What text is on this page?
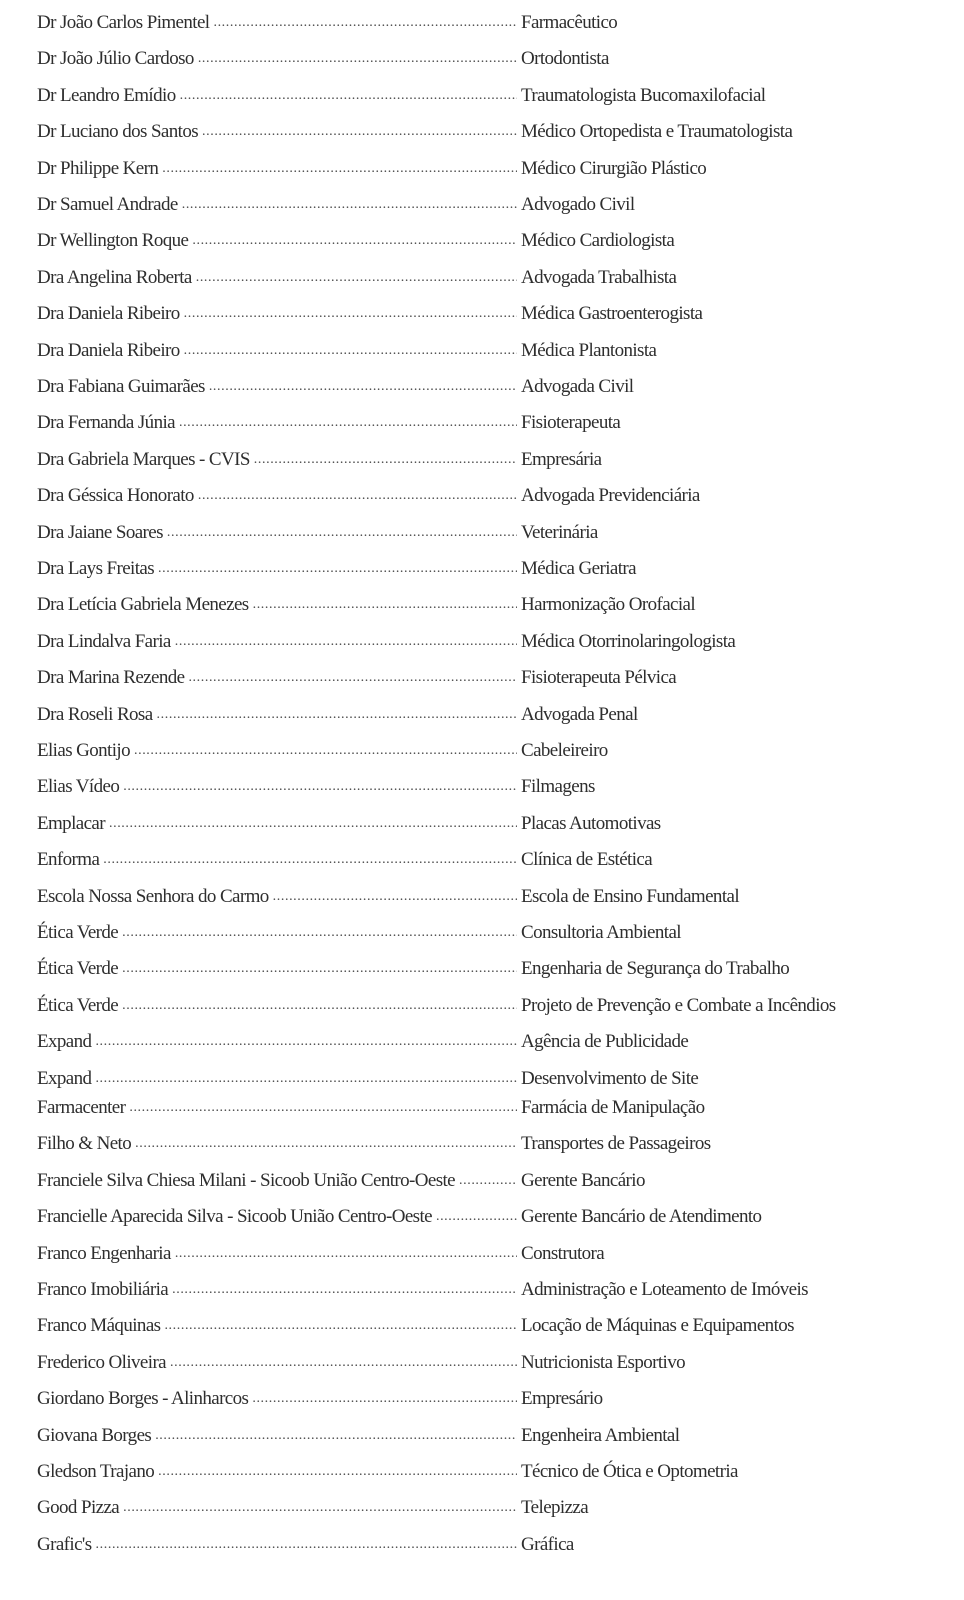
Dr João Carlos Pimentel .....	Farmacêutico
Dr João Júlio Cardoso .....	Ortodontista
Dr Leandro Emídio .....	Traumatologista Bucomaxilofacial
Dr Luciano dos Santos .....	Médico Ortopedista e Traumatologista
Dr Philippe Kern .....	Médico Cirurgião Plástico
Dr Samuel Andrade .....	Advogado Civil
Dr Wellington Roque .....	Médico Cardiologista
Dra Angelina Roberta .....	Advogada Trabalhista
Dra Daniela Ribeiro .....	Médica Gastroenterogista
Dra Daniela Ribeiro .....	Médica Plantonista
Dra Fabiana Guimarães .....	Advogada Civil
Dra Fernanda Júnia .....	Fisioterapeuta
Dra Gabriela Marques - CVIS .....	Empresária
Dra Géssica Honorato .....	Advogada Previdenciária
Dra Jaiane Soares .....	Veterinária
Dra Lays Freitas .....	Médica Geriatra
Dra Letícia Gabriela Menezes .....	Harmonização Orofacial
Dra Lindalva Faria .....	Médica Otorrinolaringologista
Dra Marina Rezende .....	Fisioterapeuta Pélvica
Dra Roseli Rosa .....	Advogada Penal
Elias Gontijo .....	Cabeleireiro
Elias Vídeo .....	Filmagens
Emplacar .....	Placas Automotivas
Enforma .....	Clínica de Estética
Escola Nossa Senhora do Carmo .....	Escola de Ensino Fundamental
Ética Verde .....	Consultoria Ambiental
Ética Verde .....	Engenharia de Segurança do Trabalho
Ética Verde .....	Projeto de Prevenção e Combate a Incêndios
Expand .....	Agência de Publicidade
Expand .....	Desenvolvimento de Site
Farmacenter .....	Farmácia de Manipulação
Filho & Neto .....	Transportes de Passageiros
Franciele Silva Chiesa Milani - Sicoob União Centro-Oeste .....	Gerente Bancário
Francielle Aparecida Silva - Sicoob União Centro-Oeste .....	Gerente Bancário de Atendimento
Franco Engenharia .....	Construtora
Franco Imobiliária .....	Administração e Loteamento de Imóveis
Franco Máquinas .....	Locação de Máquinas e Equipamentos
Frederico Oliveira .....	Nutricionista Esportivo
Giordano Borges - Alinharcos .....	Empresário
Giovana Borges .....	Engenheira Ambiental
Gledson Trajano .....	Técnico de Ótica e Optometria
Good Pizza .....	Telepizza
Grafic's .....	Gráfica
